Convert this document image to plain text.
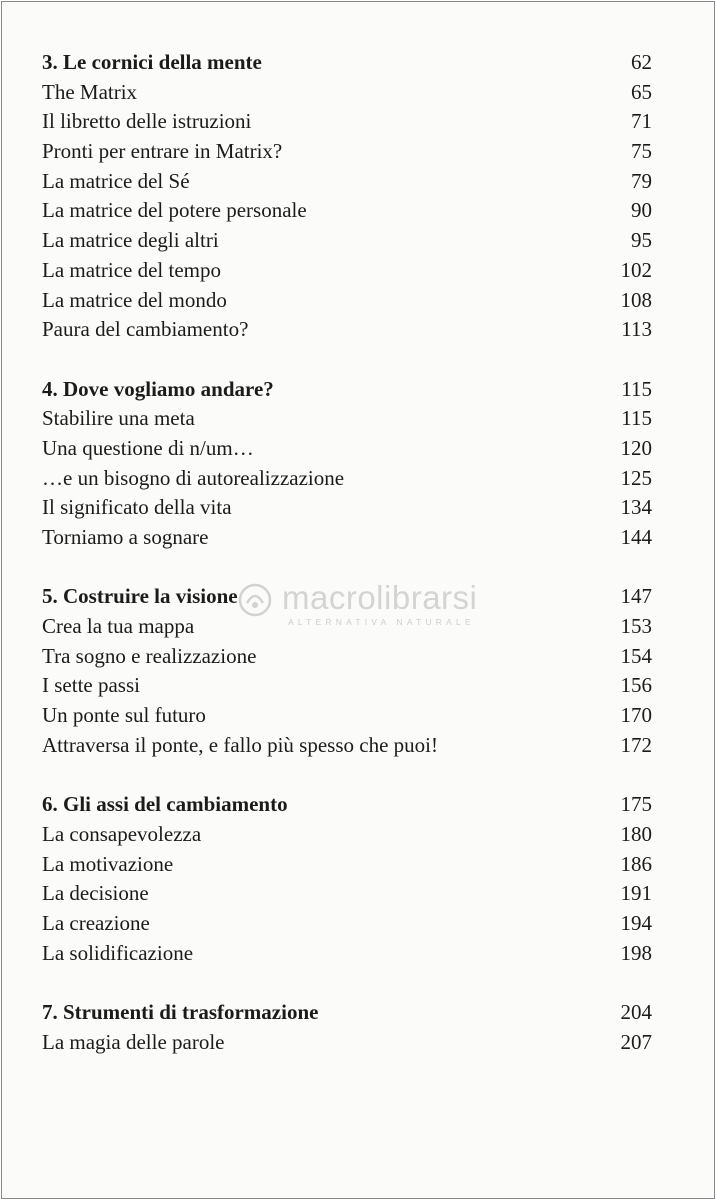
3. Le cornici della mente	62
The Matrix	65
Il libretto delle istruzioni	71
Pronti per entrare in Matrix?	75
La matrice del Sé	79
La matrice del potere personale	90
La matrice degli altri	95
La matrice del tempo	102
La matrice del mondo	108
Paura del cambiamento?	113
4. Dove vogliamo andare?	115
Stabilire una meta	115
Una questione di n/um…	120
…e un bisogno di autorealizzazione	125
Il significato della vita	134
Torniamo a sognare	144
5. Costruire la visione	147
Crea la tua mappa	153
Tra sogno e realizzazione	154
I sette passi	156
Un ponte sul futuro	170
Attraversa il ponte, e fallo più spesso che puoi!	172
6. Gli assi del cambiamento	175
La consapevolezza	180
La motivazione	186
La decisione	191
La creazione	194
La solidificazione	198
7. Strumenti di trasformazione	204
La magia delle parole	207
macrolibrarsi
ALTERNATIVA NATURALE
